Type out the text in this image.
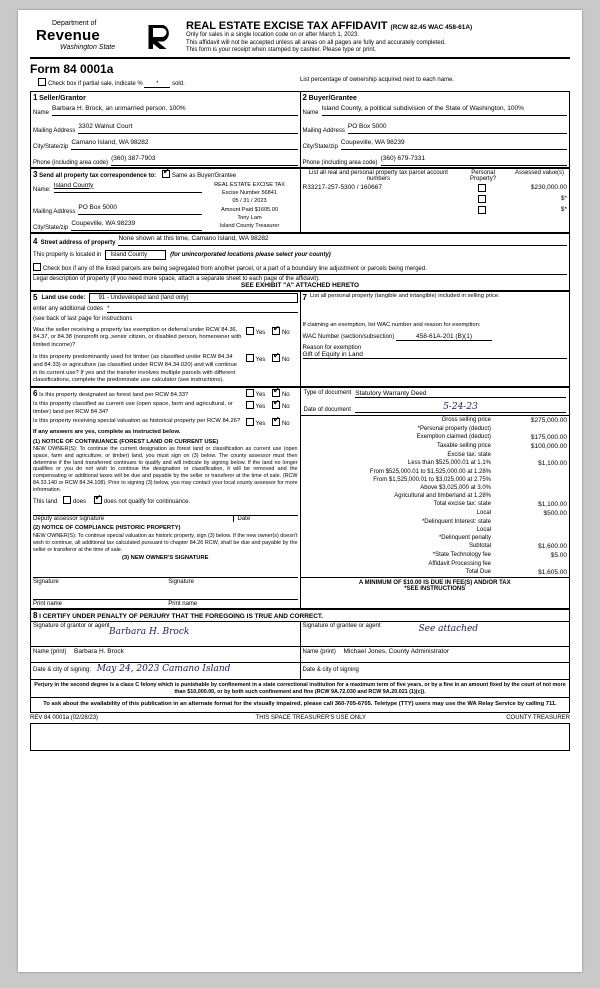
Department of
Revenue
Washington State
REAL ESTATE EXCISE TAX AFFIDAVIT (RCW 82.45 WAC 458-61A)

Only for sales in a single location code on or after March 1, 2023.

This affidavit will not be accepted unless all areas on all pages are fully and accurately completed.

This form is your receipt when stamped by cashier. Please type or print.

Form 84 0001a
Check box if partial sale, indicate % * sold.
List percentage of ownership acquired next to each name.
1 Seller/Grantor
Name
Barbara H. Brock, an unmarried person, 100%
Mailing Address
3302 Walnut Court
City/State/zip
Camano Island, WA 98282
Phone (including area code)
(360) 387-7903

2 Buyer/Grantee
Name
Island County, a political subdivision of the State of Washington, 100%
Mailing Address
PO Box 5000
City/State/zip
Coupeville, WA 98239
Phone (including area code)
(360) 679-7331
3 Send all property tax correspondence to: ✔	Same as Buyer/Grantee
Name:
Island County
Mailing Address
PO Box 5000
City/State/zip
Coupeville, WA 98239
REAL ESTATE EXCISE TAX
Excise Number 56841
05 / 31 / 2023
Amount Paid $1605.00
Tony Lam
Island County Treasurer

List all real and personal property tax parcel account numbers	Personal Property?	Assessed value(s)
R33217-257-5300 / 160667		$230,000.00
		$*
		$*
4 Street address of property
None shown at this time, Camano Island, WA 98282
This property is located in	Island County	(for unincorporated locations please select your county)
Check box if any of the listed parcels are being segregated from another parcel, or a part of a boundary line adjustment or parcels being merged.
Legal description of property (if you need more space, attach a separate sheet to each page of the affidavit).
SEE EXHIBIT "A" ATTACHED HERETO
5 Land use code:	91 - Undeveloped land (land only)
enter any additional codes *
(see back of last page for instructions
Was the seller receiving a property tax exemption or deferral under RCW 84.36, 84.37, or 84.38 (nonprofit org.,senior citizen, or disabled person, homeowner with limited income)?
Yes ✔	No
Is this property predominantly used for timber (as classified under RCW 84.34 and 84.33) or agriculture (as classified under RCW 84.34.020) and will continue in its current use? If yes and the transfer involves multiple parcels with different classifications, complete the predominate use calculator (see instructions).
Yes ✔	No

7 List all personal property (tangible and intangible) included in selling price.
If claiming an exemption, list WAC number and reason for exemption:
WAC Number (section/subsection)	458-61A-201 (B)(1)
Reason for exemption
Gift of Equity in Land
6 Is this property designated as forest land per RCW 84.33?	Yes ✔	No
Is this property classified as current use (open space, farm and agricultural, or timber) land per RCW 84.34?
Yes ✔	No
Is this property receiving special valuation as historical property per RCW 84.26?	Yes ✔	No
If any answers are yes, complete as instructed below.
(1) NOTICE OF CONTINUANCE (FOREST LAND OR CURRENT USE)
NEW OWNER(S): To continue the current designation as forest land or classification as current use (open space, farm and agriculture, or timber) land, you must sign on (3) below. The county assessor must then determine if the land transferred continues to qualify and will indicate by signing below. If the land no longer qualifies or you do not wish to continue the designation or classification, it will be removed and the compensating or additional taxes will be due and payable by the seller or transferor at the time of sale. (RCW 84.33.140 or RCW 84.34.108). Prior to signing (3) below, you may contact your local county assessor for more information.
This land	does ✔	does not qualify for continuance.
Deputy assessor signature	Date
(2) NOTICE OF COMPLIANCE (HISTORIC PROPERTY)
NEW OWNER(S): To continue special valuation as historic property, sign (3) below. If the new owner(s) doesn't wish to continue, all additional tax calculated pursuant to chapter 84.26 RCW, shall be due and payable by the seller or transferor at the time of sale.
(3) NEW OWNER'S SIGNATURE
Signature	Signature
Print name	Print name

Type of document Statutory Warranty Deed
Date of document	5-24-23
Gross selling price	$275,000.00
*Personal property (deduct)	
Exemption claimed (deduct)	$175,000.00
Taxable selling price	$100,000.00
Excise tax: state	
Less than $525,000.01 at 1.1%	$1,100.00
From $525,000.01 to $1,525,000.00 at 1.28%	
From $1,525,000.01 to $3,025,000 at 2.75%	
Above $3,025,000 at 3.0%	
Agricultural and timberland at 1.28%	
Total excise tax: state	$1,100.00
Local	$500.00
*Delinquent Interest: state	
Local	
*Delinquent penalty	
Subtotal	$1,600.00
*State Technology fee	$5.00
Affidavit Processing fee	
Total Due	$1,605.00
A MINIMUM OF $10.00 IS DUE IN FEE(S) AND/OR TAX
*SEE INSTRUCTIONS
8 I CERTIFY UNDER PENALTY OF PERJURY THAT THE FOREGOING IS TRUE AND CORRECT.	
Signature of grantor or agent
Barbara H. Brock	Signature of grantee or agent See attached

Name (print) Barbara H. Brock	Name (print) Michael Jones, County Administrator
Date & city of signing: May 24, 2023 Camano Island	Date & city of signing
Perjury in the second degree is a class C felony which is punishable by confinement in a state correctional institution for a maximum term of five years, or by a fine in an amount fixed by the court of not more than $10,000.00, or by both such confinement and fine (RCW 9A.72.030 and RCW 9A.20.021 (1)(c)).
To ask about the availability of this publication in an alternate format for the visually impaired, please call 360-705-6705. Teletype (TTY) users may use the WA Relay Service by calling 711.
REV 84 0001a (02/28/23)	THIS SPACE TREASURER'S USE ONLY	COUNTY TREASURER
